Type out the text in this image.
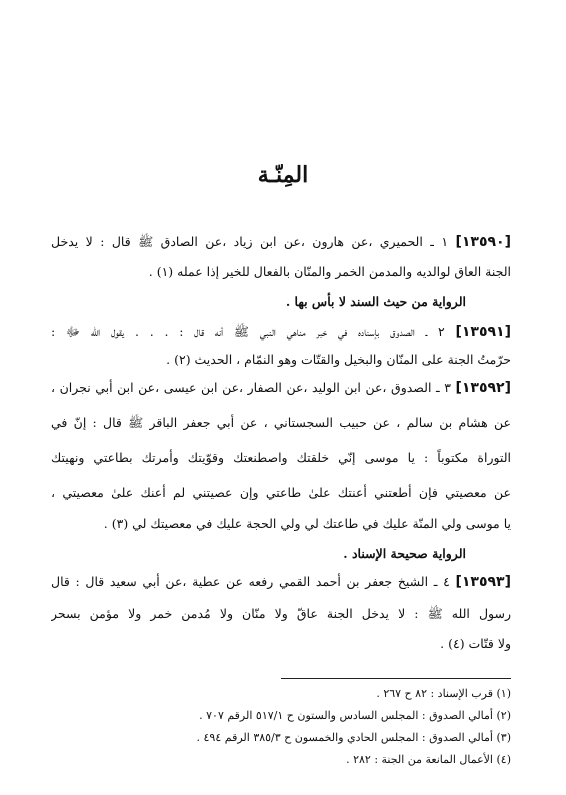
المِنّـة
[١٣٥٩٠] ١ ـ الحميري ،عن هارون ،عن ابن زياد ،عن الصادق ﷺ قال : لا يدخل
الجنة العاق لوالديه والمدمن الخمر والمنّان بالفعال للخير إذا عمله (١) .
الرواية من حيث السند لا بأس بها .
[١٣٥٩١] ٢ ـ الصدوق بإسناده في خبر مناهي النبي ﷺ أنه قال : . . . يقول الله ﷻ :
حرّمتُ الجنة على المنّان والبخيل والقتّات وهو النمّام ، الحديث (٢) .
[١٣٥٩٢] ٣ ـ الصدوق ،عن ابن الوليد ،عن الصفار ،عن ابن عيسى ،عن ابن أبي نجران ،
عن هشام بن سالم ، عن حبيب السجستاني ، عن أبي جعفر الباقر ﷺ قال : إنّ في
التوراة مكتوباً : يا موسى إنّي خلقتك واصطنعتك وقوّيتك وأمرتك بطاعتي ونهيتك
عن معصيتي فإن أطعتني أعنتك علىٰ طاعتي وإن عصيتني لم أعنك علىٰ معصيتي ،
يا موسى ولي المنّة عليك في طاعتك لي ولي الحجة عليك في معصيتك لي (٣) .
الرواية صحيحة الإسناد .
[١٣٥٩٣] ٤ ـ الشيخ جعفر بن أحمد القمي رفعه عن عطية ،عن أبي سعيد قال : قال
رسول الله ﷺ : لا يدخل الجنة عاقّ ولا منّان ولا مُدمن خمر ولا مؤمن بسحر
ولا قتّات (٤) .
(١) قرب الإسناد : ٨٢ ح ٢٦٧ .
(٢) أمالي الصدوق : المجلس السادس والستون ح ٥١٧/١ الرقم ٧٠٧ .
(٣) أمالي الصدوق : المجلس الحادي والخمسون ح ٣٨٥/٣ الرقم ٤٩٤ .
(٤) الأعمال المانعة من الجنة : ٢٨٢ .
